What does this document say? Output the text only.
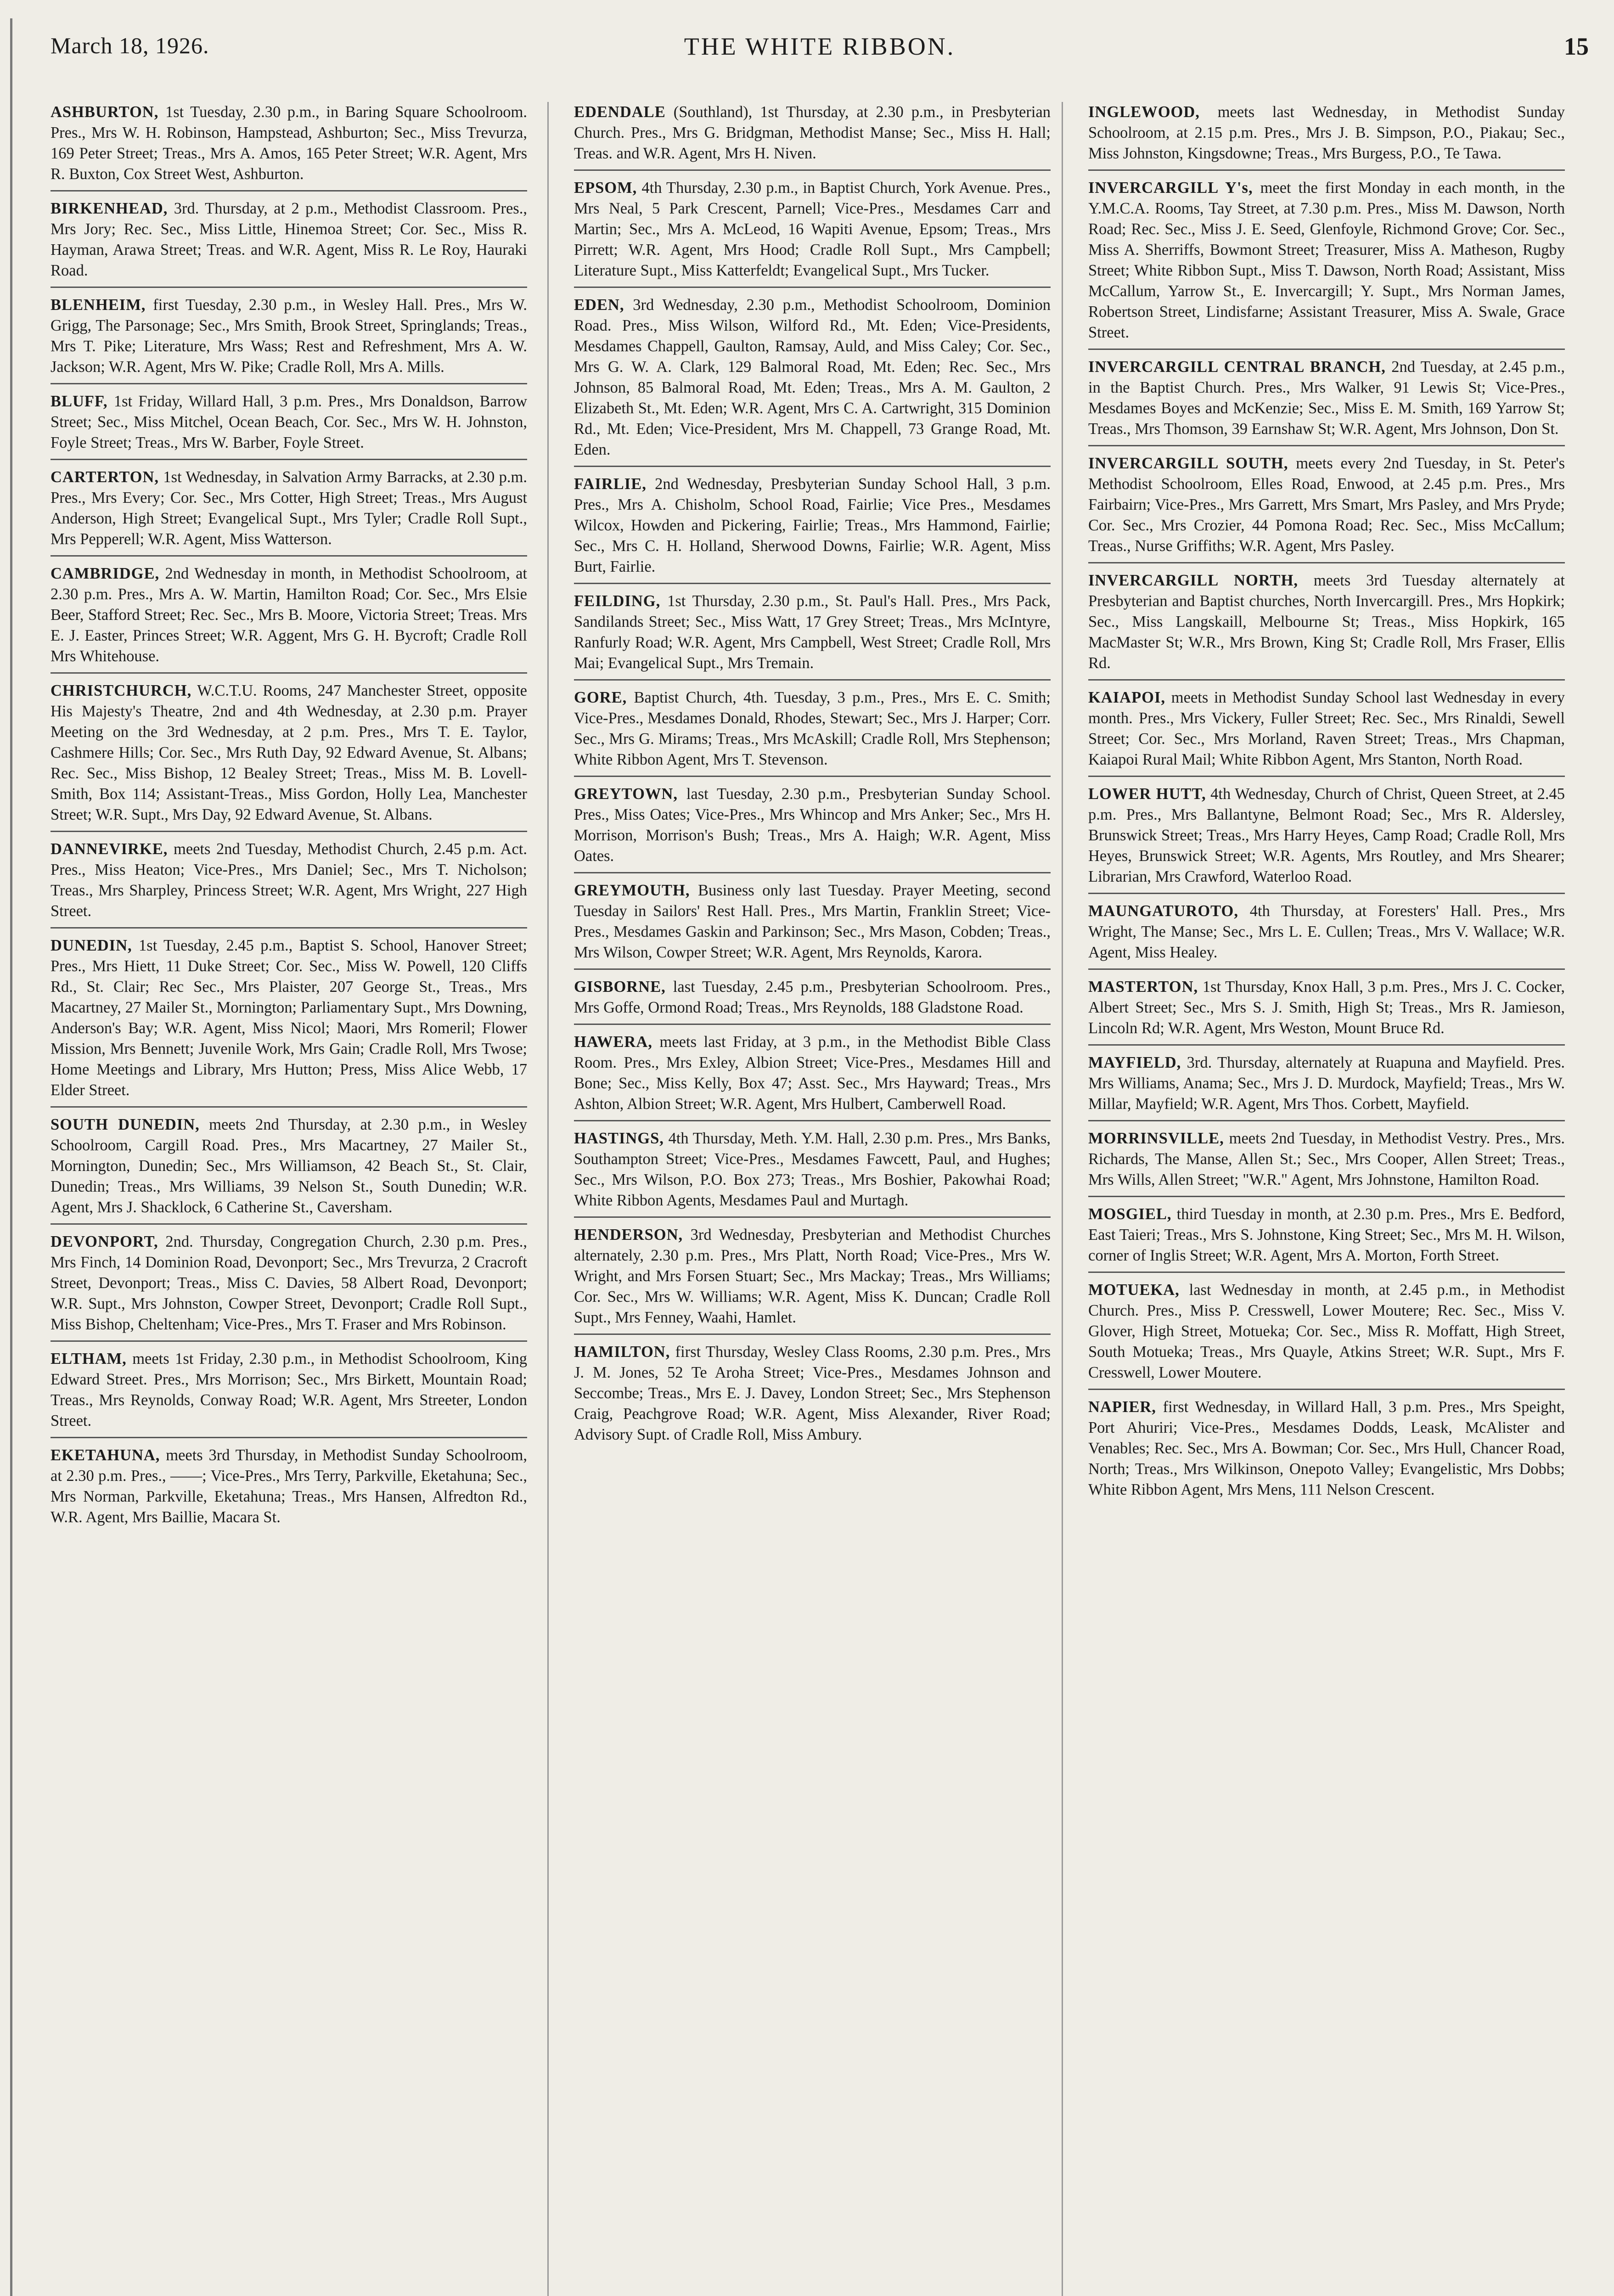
March 18, 1926.	THE WHITE RIBBON.	15
ASHBURTON, 1st Tuesday, 2.30 p.m., in Baring Square Schoolroom. Pres., Mrs W. H. Robinson, Hampstead, Ashburton; Sec., Miss Trevurza, 169 Peter Street; Treas., Mrs A. Amos, 165 Peter Street; W.R. Agent, Mrs R. Buxton, Cox Street West, Ashburton.
BIRKENHEAD, 3rd. Thursday, at 2 p.m., Methodist Classroom. Pres., Mrs Jory; Rec. Sec., Miss Little, Hinemoa Street; Cor. Sec., Miss R. Hayman, Arawa Street; Treas. and W.R. Agent, Miss R. Le Roy, Hauraki Road.
BLENHEIM, first Tuesday, 2.30 p.m., in Wesley Hall. Pres., Mrs W. Grigg, The Parsonage; Sec., Mrs Smith, Brook Street, Springlands; Treas., Mrs T. Pike; Literature, Mrs Wass; Rest and Refreshment, Mrs A. W. Jackson; W.R. Agent, Mrs W. Pike; Cradle Roll, Mrs A. Mills.
BLUFF, 1st Friday, Willard Hall, 3 p.m. Pres., Mrs Donaldson, Barrow Street; Sec., Miss Mitchel, Ocean Beach, Cor. Sec., Mrs W. H. Johnston, Foyle Street; Treas., Mrs W. Barber, Foyle Street.
CARTERTON, 1st Wednesday, in Salvation Army Barracks, at 2.30 p.m. Pres., Mrs Every; Cor. Sec., Mrs Cotter, High Street; Treas., Mrs August Anderson, High Street; Evangelical Supt., Mrs Tyler; Cradle Roll Supt., Mrs Pepperell; W.R. Agent, Miss Watterson.
CAMBRIDGE, 2nd Wednesday in month, in Methodist Schoolroom, at 2.30 p.m. Pres., Mrs A. W. Martin, Hamilton Road; Cor. Sec., Mrs Elsie Beer, Stafford Street; Rec. Sec., Mrs B. Moore, Victoria Street; Treas. Mrs E. J. Easter, Princes Street; W.R. Aggent, Mrs G. H. Bycroft; Cradle Roll Mrs Whitehouse.
CHRISTCHURCH, W.C.T.U. Rooms, 247 Manchester Street, opposite His Majesty's Theatre, 2nd and 4th Wednesday, at 2.30 p.m. Prayer Meeting on the 3rd Wednesday, at 2 p.m. Pres., Mrs T. E. Taylor, Cashmere Hills; Cor. Sec., Mrs Ruth Day, 92 Edward Avenue, St. Albans; Rec. Sec., Miss Bishop, 12 Bealey Street; Treas., Miss M. B. Lovell-Smith, Box 114; Assistant-Treas., Miss Gordon, Holly Lea, Manchester Street; W.R. Supt., Mrs Day, 92 Edward Avenue, St. Albans.
DANNEVIRKE, meets 2nd Tuesday, Methodist Church, 2.45 p.m. Act. Pres., Miss Heaton; Vice-Pres., Mrs Daniel; Sec., Mrs T. Nicholson; Treas., Mrs Sharpley, Princess Street; W.R. Agent, Mrs Wright, 227 High Street.
DUNEDIN, 1st Tuesday, 2.45 p.m., Baptist S. School, Hanover Street; Pres., Mrs Hiett, 11 Duke Street; Cor. Sec., Miss W. Powell, 120 Cliffs Rd., St. Clair; Rec Sec., Mrs Plaister, 207 George St., Treas., Mrs Macartney, 27 Mailer St., Mornington; Parliamentary Supt., Mrs Downing, Anderson's Bay; W.R. Agent, Miss Nicol; Maori, Mrs Romeril; Flower Mission, Mrs Bennett; Juvenile Work, Mrs Gain; Cradle Roll, Mrs Twose; Home Meetings and Library, Mrs Hutton; Press, Miss Alice Webb, 17 Elder Street.
SOUTH DUNEDIN, meets 2nd Thursday, at 2.30 p.m., in Wesley Schoolroom, Cargill Road. Pres., Mrs Macartney, 27 Mailer St., Mornington, Dunedin; Sec., Mrs Williamson, 42 Beach St., St. Clair, Dunedin; Treas., Mrs Williams, 39 Nelson St., South Dunedin; W.R. Agent, Mrs J. Shacklock, 6 Catherine St., Caversham.
DEVONPORT, 2nd. Thursday, Congregation Church, 2.30 p.m. Pres., Mrs Finch, 14 Dominion Road, Devonport; Sec., Mrs Trevurza, 2 Cracroft Street, Devonport; Treas., Miss C. Davies, 58 Albert Road, Devonport; W.R. Supt., Mrs Johnston, Cowper Street, Devonport; Cradle Roll Supt., Miss Bishop, Cheltenham; Vice-Pres., Mrs T. Fraser and Mrs Robinson.
ELTHAM, meets 1st Friday, 2.30 p.m., in Methodist Schoolroom, King Edward Street. Pres., Mrs Morrison; Sec., Mrs Birkett, Mountain Road; Treas., Mrs Reynolds, Conway Road; W.R. Agent, Mrs Streeter, London Street.
EKETAHUNA, meets 3rd Thursday, in Methodist Sunday Schoolroom, at 2.30 p.m. Pres., ——; Vice-Pres., Mrs Terry, Parkville, Eketahuna; Sec., Mrs Norman, Parkville, Eketahuna; Treas., Mrs Hansen, Alfredton Rd., W.R. Agent, Mrs Baillie, Macara St.
EDENDALE (Southland), 1st Thursday, at 2.30 p.m., in Presbyterian Church. Pres., Mrs G. Bridgman, Methodist Manse; Sec., Miss H. Hall; Treas. and W.R. Agent, Mrs H. Niven.
EPSOM, 4th Thursday, 2.30 p.m., in Baptist Church, York Avenue. Pres., Mrs Neal, 5 Park Crescent, Parnell; Vice-Pres., Mesdames Carr and Martin; Sec., Mrs A. McLeod, 16 Wapiti Avenue, Epsom; Treas., Mrs Pirrett; W.R. Agent, Mrs Hood; Cradle Roll Supt., Mrs Campbell; Literature Supt., Miss Katterfeldt; Evangelical Supt., Mrs Tucker.
EDEN, 3rd Wednesday, 2.30 p.m., Methodist Schoolroom, Dominion Road. Pres., Miss Wilson, Wilford Rd., Mt. Eden; Vice-Presidents, Mesdames Chappell, Gaulton, Ramsay, Auld, and Miss Caley; Cor. Sec., Mrs G. W. A. Clark, 129 Balmoral Road, Mt. Eden; Rec. Sec., Mrs Johnson, 85 Balmoral Road, Mt. Eden; Treas., Mrs A. M. Gaulton, 2 Elizabeth St., Mt. Eden; W.R. Agent, Mrs C. A. Cartwright, 315 Dominion Rd., Mt. Eden; Vice-President, Mrs M. Chappell, 73 Grange Road, Mt. Eden.
FAIRLIE, 2nd Wednesday, Presbyterian Sunday School Hall, 3 p.m. Pres., Mrs A. Chisholm, School Road, Fairlie; Vice Pres., Mesdames Wilcox, Howden and Pickering, Fairlie; Treas., Mrs Hammond, Fairlie; Sec., Mrs C. H. Holland, Sherwood Downs, Fairlie; W.R. Agent, Miss Burt, Fairlie.
FEILDING, 1st Thursday, 2.30 p.m., St. Paul's Hall. Pres., Mrs Pack, Sandilands Street; Sec., Miss Watt, 17 Grey Street; Treas., Mrs McIntyre, Ranfurly Road; W.R. Agent, Mrs Campbell, West Street; Cradle Roll, Mrs Mai; Evangelical Supt., Mrs Tremain.
GORE, Baptist Church, 4th. Tuesday, 3 p.m., Pres., Mrs E. C. Smith; Vice-Pres., Mesdames Donald, Rhodes, Stewart; Sec., Mrs J. Harper; Corr. Sec., Mrs G. Mirams; Treas., Mrs McAskill; Cradle Roll, Mrs Stephenson; White Ribbon Agent, Mrs T. Stevenson.
GREYTOWN, last Tuesday, 2.30 p.m., Presbyterian Sunday School. Pres., Miss Oates; Vice-Pres., Mrs Whincop and Mrs Anker; Sec., Mrs H. Morrison, Morrison's Bush; Treas., Mrs A. Haigh; W.R. Agent, Miss Oates.
GREYMOUTH, Business only last Tuesday. Prayer Meeting, second Tuesday in Sailors' Rest Hall. Pres., Mrs Martin, Franklin Street; Vice-Pres., Mesdames Gaskin and Parkinson; Sec., Mrs Mason, Cobden; Treas., Mrs Wilson, Cowper Street; W.R. Agent, Mrs Reynolds, Karora.
GISBORNE, last Tuesday, 2.45 p.m., Presbyterian Schoolroom. Pres., Mrs Goffe, Ormond Road; Treas., Mrs Reynolds, 188 Gladstone Road.
HAWERA, meets last Friday, at 3 p.m., in the Methodist Bible Class Room. Pres., Mrs Exley, Albion Street; Vice-Pres., Mesdames Hill and Bone; Sec., Miss Kelly, Box 47; Asst. Sec., Mrs Hayward; Treas., Mrs Ashton, Albion Street; W.R. Agent, Mrs Hulbert, Camberwell Road.
HASTINGS, 4th Thursday, Meth. Y.M. Hall, 2.30 p.m. Pres., Mrs Banks, Southampton Street; Vice-Pres., Mesdames Fawcett, Paul, and Hughes; Sec., Mrs Wilson, P.O. Box 273; Treas., Mrs Boshier, Pakowhai Road; White Ribbon Agents, Mesdames Paul and Murtagh.
HENDERSON, 3rd Wednesday, Presbyterian and Methodist Churches alternately, 2.30 p.m. Pres., Mrs Platt, North Road; Vice-Pres., Mrs W. Wright, and Mrs Forsen Stuart; Sec., Mrs Mackay; Treas., Mrs Williams; Cor. Sec., Mrs W. Williams; W.R. Agent, Miss K. Duncan; Cradle Roll Supt., Mrs Fenney, Waahi, Hamlet.
HAMILTON, first Thursday, Wesley Class Rooms, 2.30 p.m. Pres., Mrs J. M. Jones, 52 Te Aroha Street; Vice-Pres., Mesdames Johnson and Seccombe; Treas., Mrs E. J. Davey, London Street; Sec., Mrs Stephenson Craig, Peachgrove Road; W.R. Agent, Miss Alexander, River Road; Advisory Supt. of Cradle Roll, Miss Ambury.
INGLEWOOD, meets last Wednesday, in Methodist Sunday Schoolroom, at 2.15 p.m. Pres., Mrs J. B. Simpson, P.O., Piakau; Sec., Miss Johnston, Kingsdowne; Treas., Mrs Burgess, P.O., Te Tawa.
INVERCARGILL Y's, meet the first Monday in each month, in the Y.M.C.A. Rooms, Tay Street, at 7.30 p.m. Pres., Miss M. Dawson, North Road; Rec. Sec., Miss J. E. Seed, Glenfoyle, Richmond Grove; Cor. Sec., Miss A. Sherriffs, Bowmont Street; Treasurer, Miss A. Matheson, Rugby Street; White Ribbon Supt., Miss T. Dawson, North Road; Assistant, Miss McCallum, Yarrow St., E. Invercargill; Y. Supt., Mrs Norman James, Robertson Street, Lindisfarne; Assistant Treasurer, Miss A. Swale, Grace Street.
INVERCARGILL CENTRAL BRANCH, 2nd Tuesday, at 2.45 p.m., in the Baptist Church. Pres., Mrs Walker, 91 Lewis St; Vice-Pres., Mesdames Boyes and McKenzie; Sec., Miss E. M. Smith, 169 Yarrow St; Treas., Mrs Thomson, 39 Earnshaw St; W.R. Agent, Mrs Johnson, Don St.
INVERCARGILL SOUTH, meets every 2nd Tuesday, in St. Peter's Methodist Schoolroom, Elles Road, Enwood, at 2.45 p.m. Pres., Mrs Fairbairn; Vice-Pres., Mrs Garrett, Mrs Smart, Mrs Pasley, and Mrs Pryde; Cor. Sec., Mrs Crozier, 44 Pomona Road; Rec. Sec., Miss McCallum; Treas., Nurse Griffiths; W.R. Agent, Mrs Pasley.
INVERCARGILL NORTH, meets 3rd Tuesday alternately at Presbyterian and Baptist churches, North Invercargill. Pres., Mrs Hopkirk; Sec., Miss Langskaill, Melbourne St; Treas., Miss Hopkirk, 165 MacMaster St; W.R., Mrs Brown, King St; Cradle Roll, Mrs Fraser, Ellis Rd.
KAIAPOI, meets in Methodist Sunday School last Wednesday in every month. Pres., Mrs Vickery, Fuller Street; Rec. Sec., Mrs Rinaldi, Sewell Street; Cor. Sec., Mrs Morland, Raven Street; Treas., Mrs Chapman, Kaiapoi Rural Mail; White Ribbon Agent, Mrs Stanton, North Road.
LOWER HUTT, 4th Wednesday, Church of Christ, Queen Street, at 2.45 p.m. Pres., Mrs Ballantyne, Belmont Road; Sec., Mrs R. Aldersley, Brunswick Street; Treas., Mrs Harry Heyes, Camp Road; Cradle Roll, Mrs Heyes, Brunswick Street; W.R. Agents, Mrs Routley, and Mrs Shearer; Librarian, Mrs Crawford, Waterloo Road.
MAUNGATUROTO, 4th Thursday, at Foresters' Hall. Pres., Mrs Wright, The Manse; Sec., Mrs L. E. Cullen; Treas., Mrs V. Wallace; W.R. Agent, Miss Healey.
MASTERTON, 1st Thursday, Knox Hall, 3 p.m. Pres., Mrs J. C. Cocker, Albert Street; Sec., Mrs S. J. Smith, High St; Treas., Mrs R. Jamieson, Lincoln Rd; W.R. Agent, Mrs Weston, Mount Bruce Rd.
MAYFIELD, 3rd. Thursday, alternately at Ruapuna and Mayfield. Pres. Mrs Williams, Anama; Sec., Mrs J. D. Murdock, Mayfield; Treas., Mrs W. Millar, Mayfield; W.R. Agent, Mrs Thos. Corbett, Mayfield.
MORRINSVILLE, meets 2nd Tuesday, in Methodist Vestry. Pres., Mrs. Richards, The Manse, Allen St.; Sec., Mrs Cooper, Allen Street; Treas., Mrs Wills, Allen Street; "W.R." Agent, Mrs Johnstone, Hamilton Road.
MOSGIEL, third Tuesday in month, at 2.30 p.m. Pres., Mrs E. Bedford, East Taieri; Treas., Mrs S. Johnstone, King Street; Sec., Mrs M. H. Wilson, corner of Inglis Street; W.R. Agent, Mrs A. Morton, Forth Street.
MOTUEKA, last Wednesday in month, at 2.45 p.m., in Methodist Church. Pres., Miss P. Cresswell, Lower Moutere; Rec. Sec., Miss V. Glover, High Street, Motueka; Cor. Sec., Miss R. Moffatt, High Street, South Motueka; Treas., Mrs Quayle, Atkins Street; W.R. Supt., Mrs F. Cresswell, Lower Moutere.
NAPIER, first Wednesday, in Willard Hall, 3 p.m. Pres., Mrs Speight, Port Ahuriri; Vice-Pres., Mesdames Dodds, Leask, McAlister and Venables; Rec. Sec., Mrs A. Bowman; Cor. Sec., Mrs Hull, Chancer Road, North; Treas., Mrs Wilkinson, Onepoto Valley; Evangelistic, Mrs Dobbs; White Ribbon Agent, Mrs Mens, 111 Nelson Crescent.
